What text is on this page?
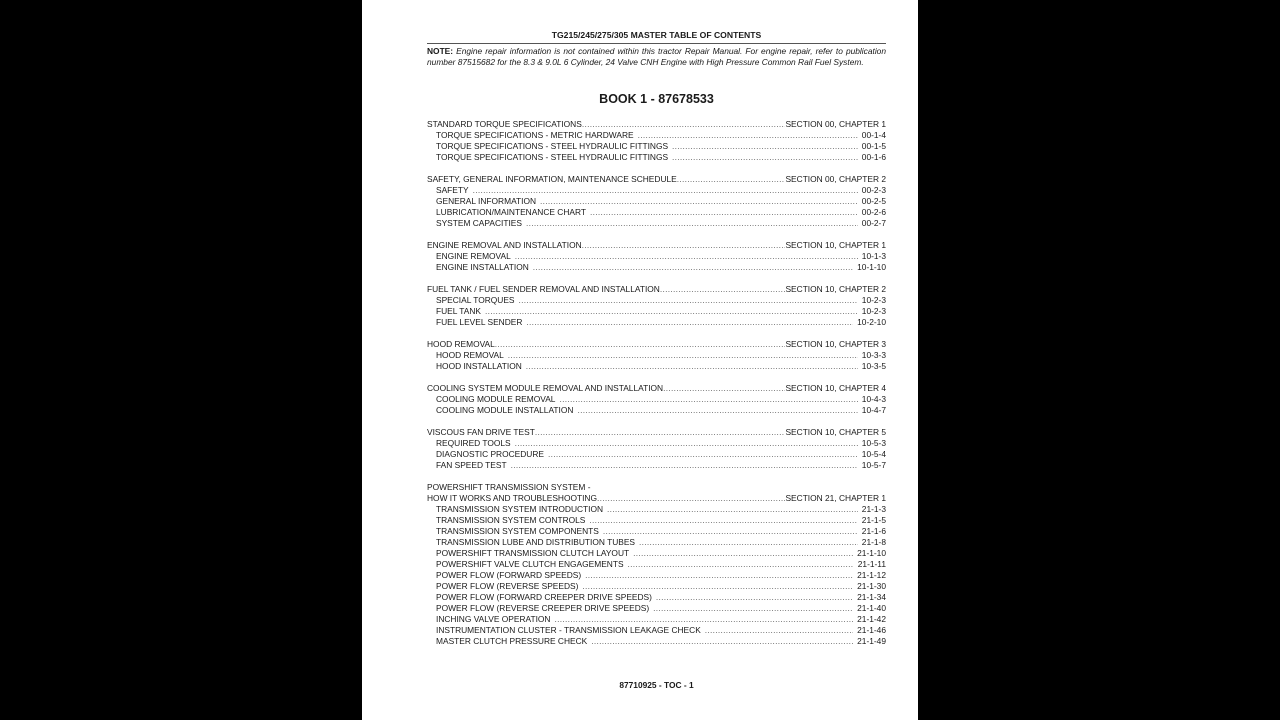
TG215/245/275/305 MASTER TABLE OF CONTENTS
NOTE: Engine repair information is not contained within this tractor Repair Manual. For engine repair, refer to publication number 87515682 for the 8.3 & 9.0L 6 Cylinder, 24 Valve CNH Engine with High Pressure Common Rail Fuel System.
BOOK 1 - 87678533
STANDARD TORQUE SPECIFICATIONS .....	SECTION 00, CHAPTER 1
TORQUE SPECIFICATIONS - METRIC HARDWARE .....	00-1-4
TORQUE SPECIFICATIONS - STEEL HYDRAULIC FITTINGS .....	00-1-5
TORQUE SPECIFICATIONS - STEEL HYDRAULIC FITTINGS .....	00-1-6
SAFETY, GENERAL INFORMATION, MAINTENANCE SCHEDULE .....	SECTION 00, CHAPTER 2
SAFETY .....	00-2-3
GENERAL INFORMATION .....	00-2-5
LUBRICATION/MAINTENANCE CHART .....	00-2-6
SYSTEM CAPACITIES .....	00-2-7
ENGINE REMOVAL AND INSTALLATION .....	SECTION 10, CHAPTER 1
ENGINE REMOVAL .....	10-1-3
ENGINE INSTALLATION .....	10-1-10
FUEL TANK / FUEL SENDER REMOVAL AND INSTALLATION .....	SECTION 10, CHAPTER 2
SPECIAL TORQUES .....	10-2-3
FUEL TANK .....	10-2-3
FUEL LEVEL SENDER .....	10-2-10
HOOD REMOVAL .....	SECTION 10, CHAPTER 3
HOOD REMOVAL .....	10-3-3
HOOD INSTALLATION .....	10-3-5
COOLING SYSTEM MODULE REMOVAL AND INSTALLATION .....	SECTION 10, CHAPTER 4
COOLING MODULE REMOVAL .....	10-4-3
COOLING MODULE INSTALLATION .....	10-4-7
VISCOUS FAN DRIVE TEST .....	SECTION 10, CHAPTER 5
REQUIRED TOOLS .....	10-5-3
DIAGNOSTIC PROCEDURE .....	10-5-4
FAN SPEED TEST .....	10-5-7
POWERSHIFT TRANSMISSION SYSTEM -
HOW IT WORKS AND TROUBLESHOOTING .....	SECTION 21, CHAPTER 1
TRANSMISSION SYSTEM INTRODUCTION .....	21-1-3
TRANSMISSION SYSTEM CONTROLS .....	21-1-5
TRANSMISSION SYSTEM COMPONENTS .....	21-1-6
TRANSMISSION LUBE AND DISTRIBUTION TUBES .....	21-1-8
POWERSHIFT TRANSMISSION CLUTCH LAYOUT .....	21-1-10
POWERSHIFT VALVE CLUTCH ENGAGEMENTS .....	21-1-11
POWER FLOW (FORWARD SPEEDS) .....	21-1-12
POWER FLOW (REVERSE SPEEDS) .....	21-1-30
POWER FLOW (FORWARD CREEPER DRIVE SPEEDS) .....	21-1-34
POWER FLOW (REVERSE CREEPER DRIVE SPEEDS) .....	21-1-40
INCHING VALVE OPERATION .....	21-1-42
INSTRUMENTATION CLUSTER - TRANSMISSION LEAKAGE CHECK .....	21-1-46
MASTER CLUTCH PRESSURE CHECK .....	21-1-49
87710925 - TOC - 1
